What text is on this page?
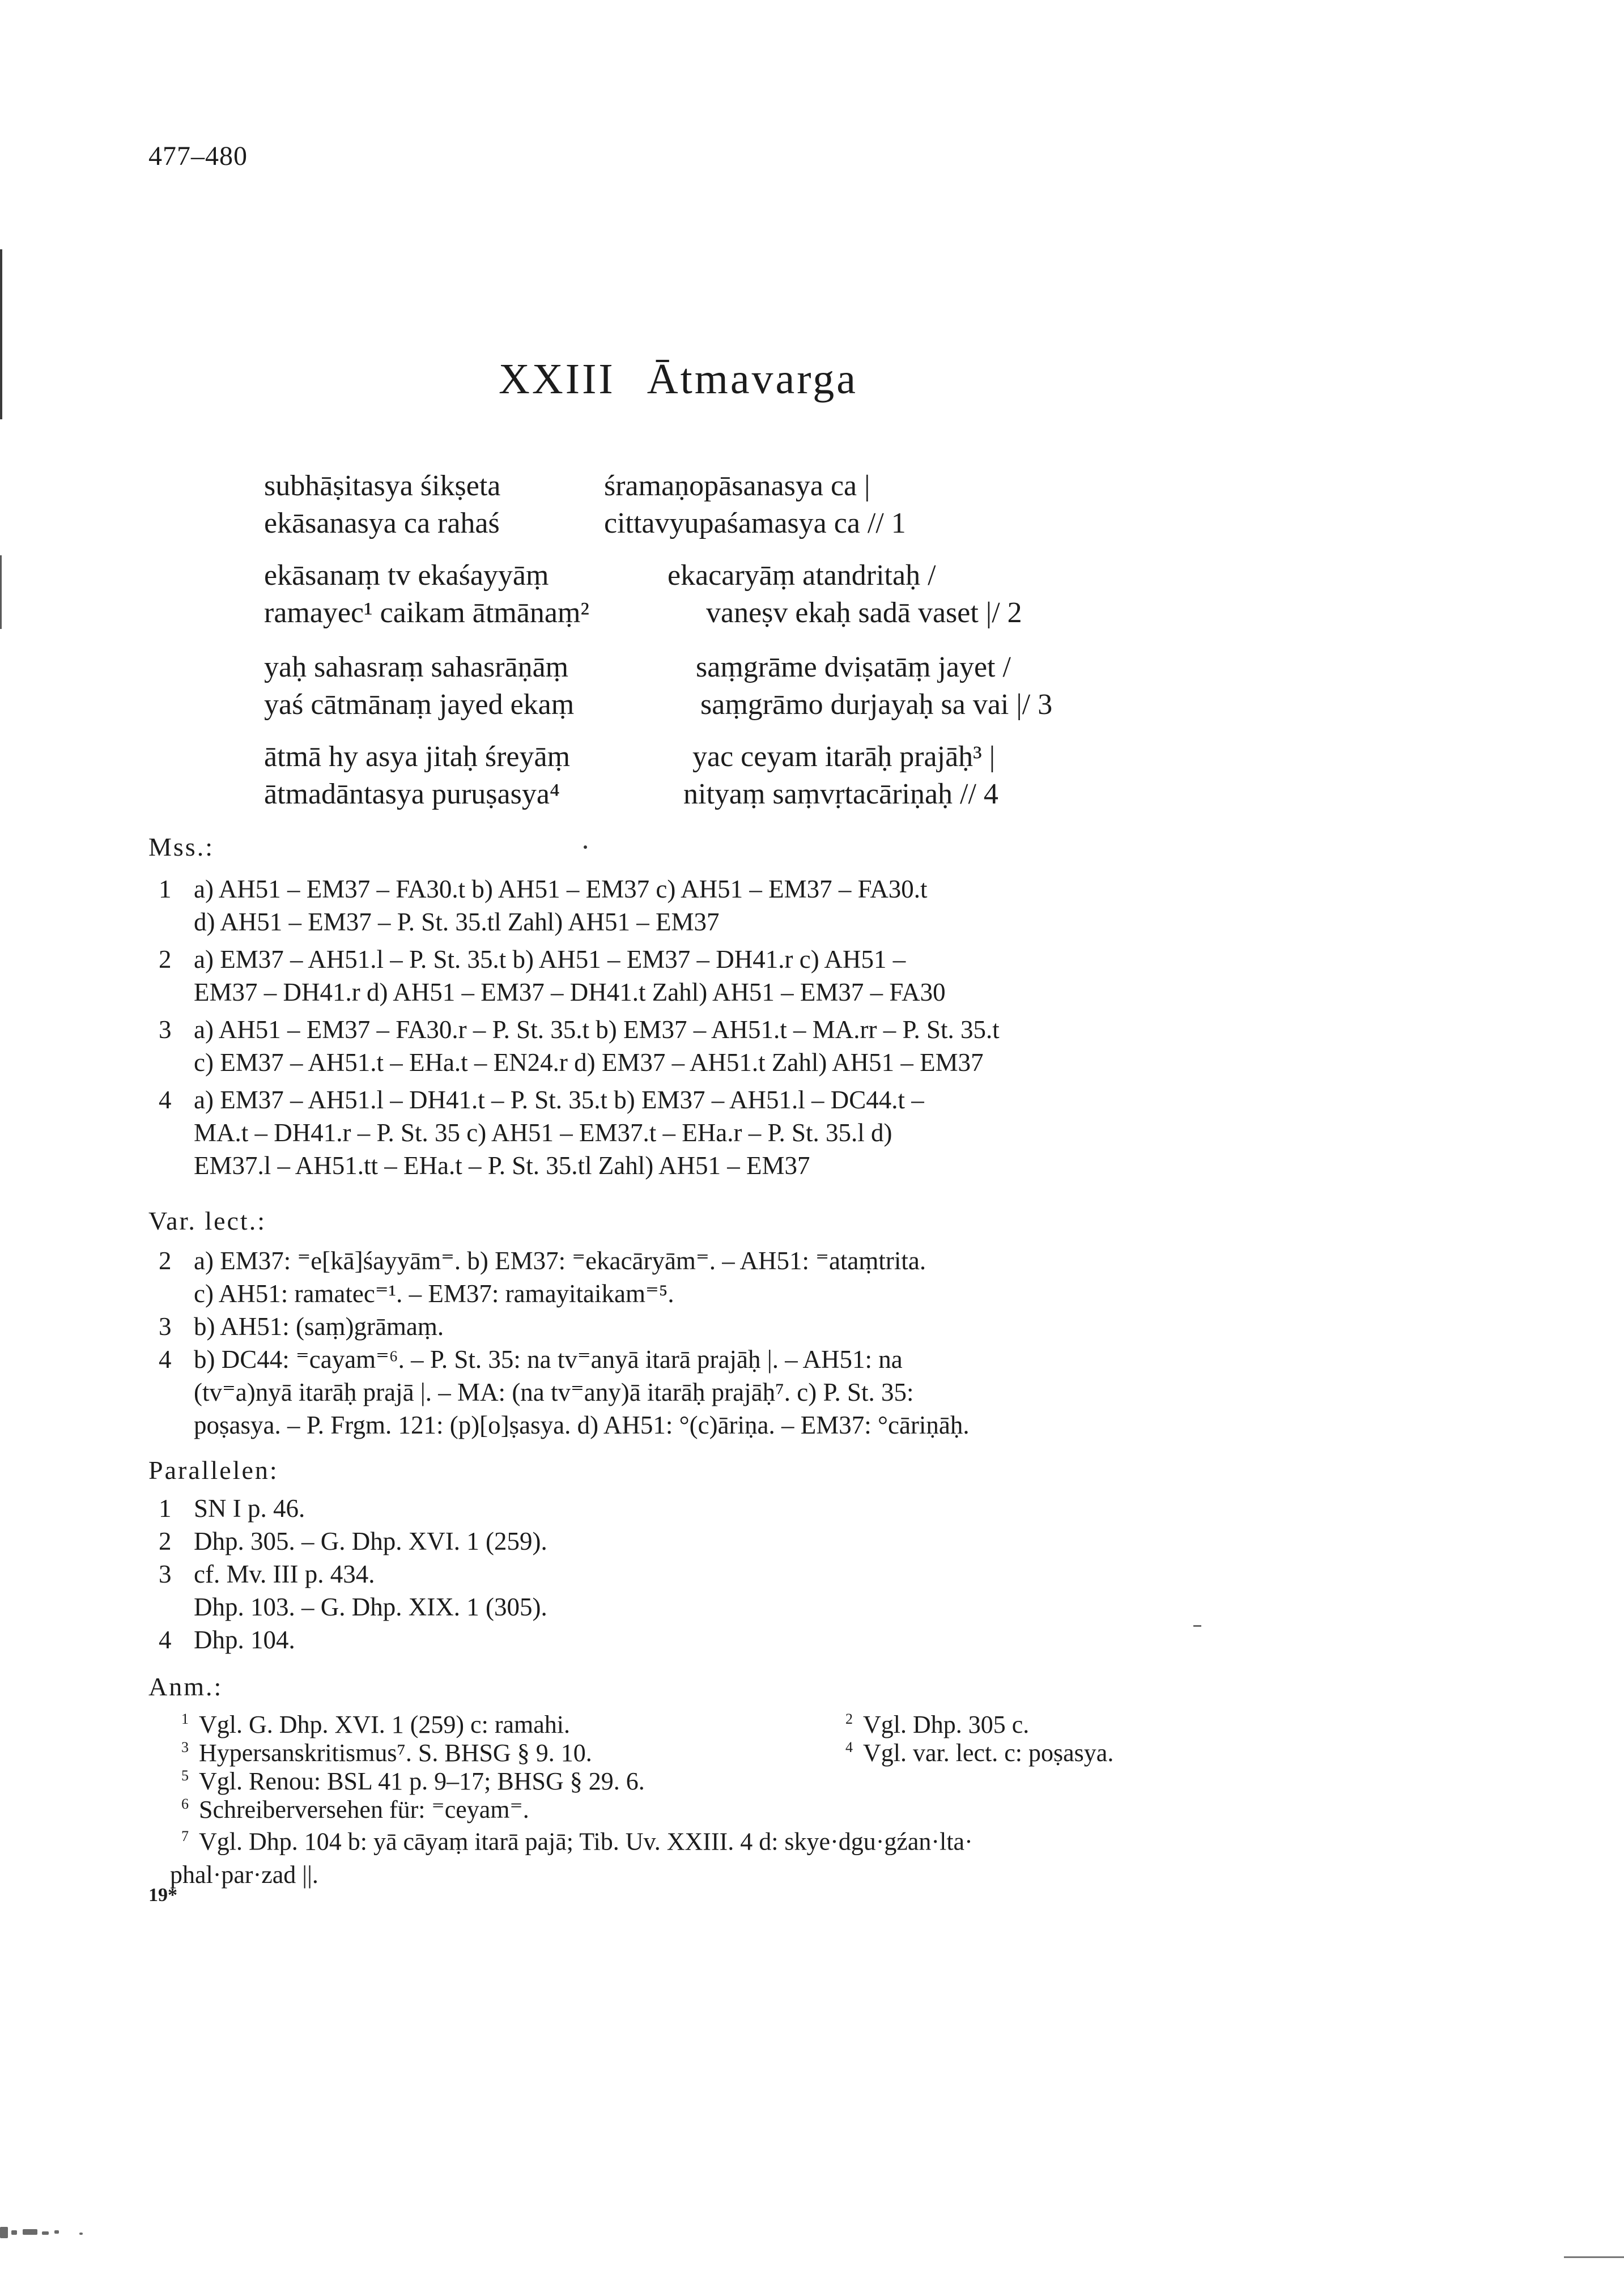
477–480
XXIII Ātmavarga
subhāṣitasya śikṣeta	śramaṇopāsanasya ca |
ekāsanasya ca rahaś	cittavyupaśamasya ca // 1
ekāsanaṃ tv ekaśayyāṃ	ekacaryāṃ atandritaḥ /
ramayec¹ caikam ātmānaṃ²	vaneṣv ekaḥ sadā vaset |/ 2
yaḥ sahasraṃ sahasrāṇāṃ	saṃgrāme dviṣatāṃ jayet /
yaś cātmānaṃ jayed ekaṃ	saṃgrāmo durjayaḥ sa vai |/ 3
ātmā hy asya jitaḥ śreyāṃ	yac ceyam itarāḥ prajāḥ³ |
ātmadāntasya puruṣasya⁴	nityaṃ saṃvṛtacāriṇaḥ // 4
Mss.:
1 a) AH51 – EM37 – FA30.t b) AH51 – EM37 c) AH51 – EM37 – FA30.t
d) AH51 – EM37 – P. St. 35.tl Zahl) AH51 – EM37
2 a) EM37 – AH51.l – P. St. 35.t b) AH51 – EM37 – DH41.r c) AH51 –
EM37 – DH41.r d) AH51 – EM37 – DH41.t Zahl) AH51 – EM37 – FA30
3 a) AH51 – EM37 – FA30.r – P. St. 35.t b) EM37 – AH51.t – MA.rr – P. St. 35.t
c) EM37 – AH51.t – EHa.t – EN24.r d) EM37 – AH51.t Zahl) AH51 – EM37
4 a) EM37 – AH51.l – DH41.t – P. St. 35.t b) EM37 – AH51.l – DC44.t –
MA.t – DH41.r – P. St. 35 c) AH51 – EM37.t – EHa.r – P. St. 35.l d)
EM37.l – AH51.tt – EHa.t – P. St. 35.tl Zahl) AH51 – EM37
Var. lect.:
2 a) EM37: ⁼e[kā]śayyām⁼. b) EM37: ⁼ekacāryām⁼. – AH51: ⁼ataṃtrita.
c) AH51: ramatec⁼¹. – EM37: ramayitaikam⁼⁵.
3 b) AH51: (saṃ)grāmaṃ.
4 b) DC44: ⁼cayam⁼⁶. – P. St. 35: na tv⁼anyā itarā prajāḥ |. – AH51: na
(tv⁼a)nyā itarāḥ prajā |. – MA: (na tv⁼any)ā itarāḥ prajāḥ⁷. c) P. St. 35:
poṣasya. – P. Frgm. 121: (p)[o]ṣasya. d) AH51: °(c)āriṇa. – EM37: °cāriṇāḥ.
Parallelen:
1 SN I p. 46.
2 Dhp. 305. – G. Dhp. XVI. 1 (259).
3 cf. Mv. III p. 434.
Dhp. 103. – G. Dhp. XIX. 1 (305).
4 Dhp. 104.
Anm.:
$^1$ Vgl. G. Dhp. XVI. 1 (259) c: ramahi.	$^2$ Vgl. Dhp. 305 c.
$^3$ Hypersanskritismus⁷. S. BHSG § 9. 10.	$^4$ Vgl. var. lect. c: poṣasya.
$^5$ Vgl. Renou: BSL 41 p. 9–17; BHSG § 29. 6.
$^6$ Schreiberversehen für: ⁼ceyam⁼.
$^7$ Vgl. Dhp. 104 b: yā cāyaṃ itarā pajā; Tib. Uv. XXIII. 4 d: skye·dgu·gźan·lta·
phal·par·zad ||.
19*
